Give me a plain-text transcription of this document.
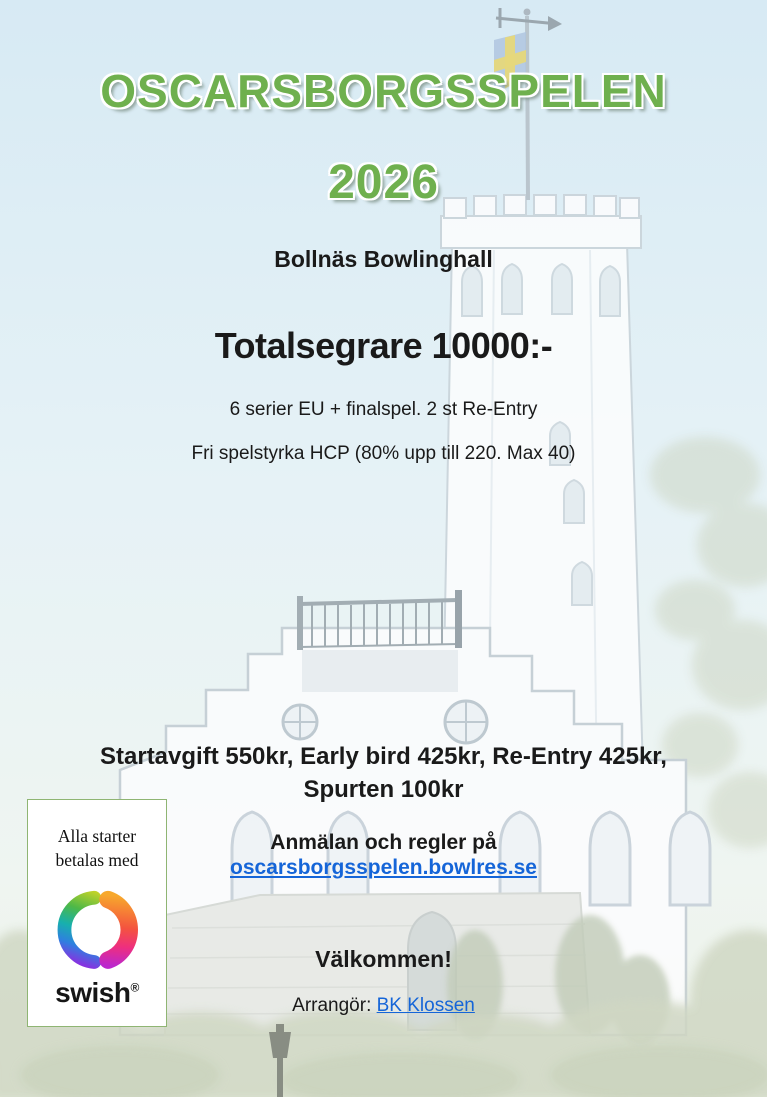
OSCARSBORGSSPELEN
2026
Bollnäs Bowlinghall
Totalsegrare 10000:-
6 serier EU + finalspel. 2 st Re-Entry
Fri spelstyrka HCP (80% upp till 220. Max 40)
Startavgift 550kr, Early bird 425kr, Re-Entry 425kr,
Spurten 100kr
Anmälan och regler på
oscarsborgsspelen.bowlres.se
Välkommen!
Arrangör: BK Klossen
Alla starter
betalas med
swish®
